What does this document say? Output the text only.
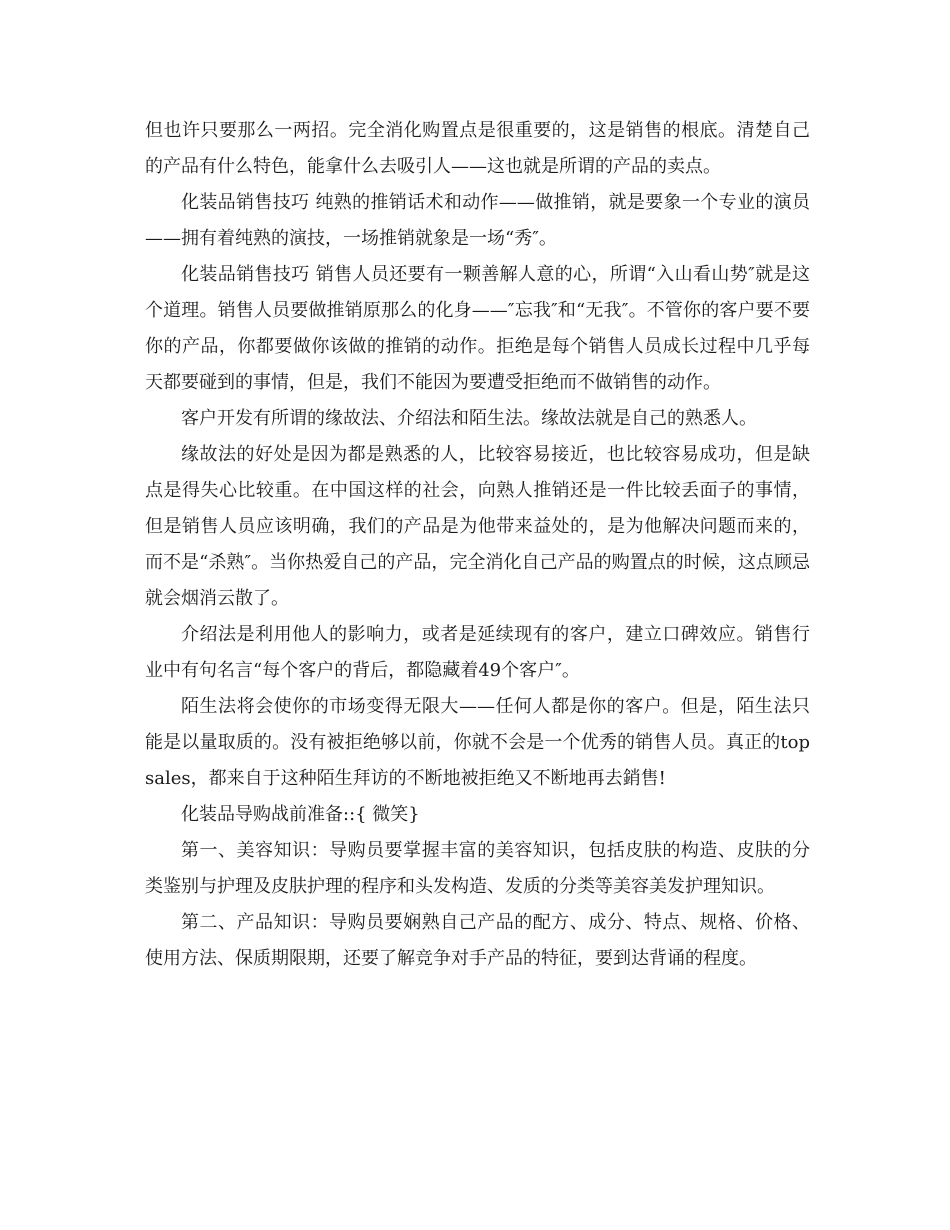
但也许只要那么一两招。完全消化购置点是很重要的，这是销售的根底。清楚自己的产品有什么特色，能拿什么去吸引人——这也就是所谓的产品的卖点。

化装品销售技巧 纯熟的推销话术和动作——做推销，就是要象一个专业的演员——拥有着纯熟的演技，一场推销就象是一场“秀″。

化装品销售技巧 销售人员还要有一颗善解人意的心，所谓“入山看山势″就是这个道理。销售人员要做推销原那么的化身——″忘我″和“无我″。不管你的客户要不要你的产品，你都要做你该做的推销的动作。拒绝是每个销售人员成长过程中几乎每天都要碰到的事情，但是，我们不能因为要遭受拒绝而不做销售的动作。

客户开发有所谓的缘故法、介绍法和陌生法。缘故法就是自己的熟悉人。

缘故法的好处是因为都是熟悉的人，比较容易接近，也比较容易成功，但是缺点是得失心比较重。在中国这样的社会，向熟人推销还是一件比较丢面子的事情，但是销售人员应该明确，我们的产品是为他带来益处的，是为他解决问题而来的，而不是“杀熟″。当你热爱自己的产品，完全消化自己产品的购置点的时候，这点顾忌就会烟消云散了。

介绍法是利用他人的影响力，或者是延续现有的客户，建立口碑效应。销售行业中有句名言“每个客户的背后，都隐藏着49个客户″。

陌生法将会使你的市场变得无限大——任何人都是你的客户。但是，陌生法只能是以量取质的。没有被拒绝够以前，你就不会是一个优秀的销售人员。真正的top sales，都来自于这种陌生拜访的不断地被拒绝又不断地再去銷售!

化装品导购战前准备::{ 微笑}

第一、美容知识：导购员要掌握丰富的美容知识，包括皮肤的构造、皮肤的分类鉴别与护理及皮肤护理的程序和头发构造、发质的分类等美容美发护理知识。

第二、产品知识：导购员要娴熟自己产品的配方、成分、特点、规格、价格、使用方法、保质期限期，还要了解竞争对手产品的特征，要到达背诵的程度。
